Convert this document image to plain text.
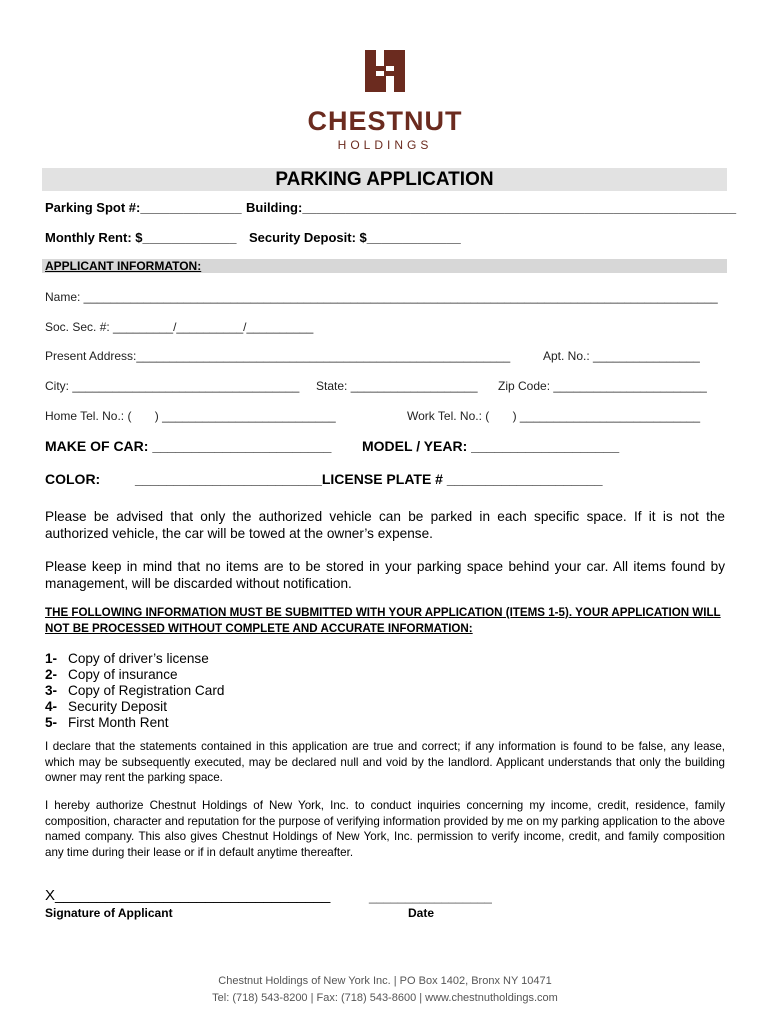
CHESTNUT
HOLDINGS
PARKING APPLICATION
Parking Spot #:______________ Building:____________________________________________________________
Monthly Rent: $_____________ Security Deposit: $_____________
APPLICANT INFORMATON:
Name: _______________________________________________________________________________________________
Soc. Sec. #: _________/__________/__________
Present Address:________________________________________________________	Apt. No.: ________________
City: __________________________________ State: ___________________ Zip Code: _______________________
Home Tel. No.: (       ) __________________________	Work Tel. No.: (       ) ___________________________
MAKE OF CAR: _______________________ MODEL / YEAR: ___________________
COLOR: ________________________LICENSE PLATE # ____________________
Please be advised that only the authorized vehicle can be parked in each specific space. If it is not the authorized vehicle, the car will be towed at the owner’s expense.
Please keep in mind that no items are to be stored in your parking space behind your car. All items found by management, will be discarded without notification.
THE FOLLOWING INFORMATION MUST BE SUBMITTED WITH YOUR APPLICATION (ITEMS 1-5). YOUR APPLICATION WILL NOT BE PROCESSED WITHOUT COMPLETE AND ACCURATE INFORMATION:
1- Copy of driver’s license
2- Copy of insurance
3- Copy of Registration Card
4- Security Deposit
5- First Month Rent
I declare that the statements contained in this application are true and correct; if any information is found to be false, any lease, which may be subsequently executed, may be declared null and void by the landlord. Applicant understands that only the building owner may rent the parking space.
I hereby authorize Chestnut Holdings of New York, Inc. to conduct inquiries concerning my income, credit, residence, family composition, character and reputation for the purpose of verifying information provided by me on my parking application to the above named company. This also gives Chestnut Holdings of New York, Inc. permission to verify income, credit, and family composition any time during their lease or if in default anytime thereafter.
X_________________________________
Signature of Applicant
_________________
Date
Chestnut Holdings of New York Inc. | PO Box 1402, Bronx NY 10471
Tel: (718) 543-8200 | Fax: (718) 543-8600 | www.chestnutholdings.com
